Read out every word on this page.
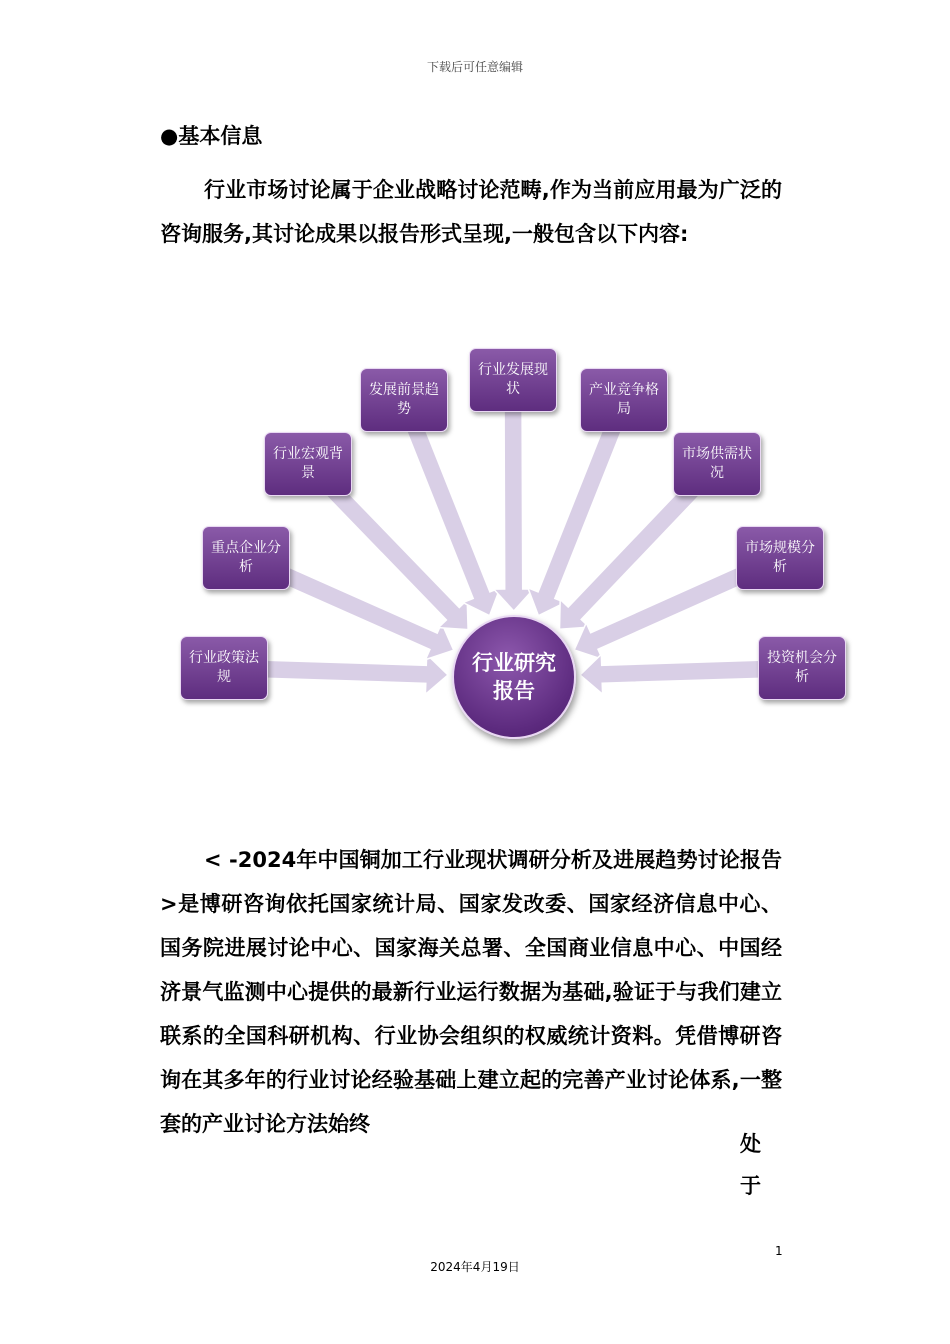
下载后可任意编辑
●基本信息
行业市场讨论属于企业战略讨论范畴,作为当前应用最为广泛的咨询服务,其讨论成果以报告形式呈现,一般包含以下内容:
行业政策法规
重点企业分析
行业宏观背景
发展前景趋势
行业发展现状	产业竞争格局
市场供需状况
市场规模分析
投资机会分析
行业研究报告
< -2024年中国铜加工行业现状调研分析及进展趋势讨论报告>是博研咨询依托国家统计局、国家发改委、国家经济信息中心、国务院进展讨论中心、国家海关总署、全国商业信息中心、中国经济景气监测中心提供的最新行业运行数据为基础,验证于与我们建立联系的全国科研机构、行业协会组织的权威统计资料。凭借博研咨询在其多年的行业讨论经验基础上建立起的完善产业讨论体系,一整套的产业讨论方法始终
处
于
1
2024年4月19日
